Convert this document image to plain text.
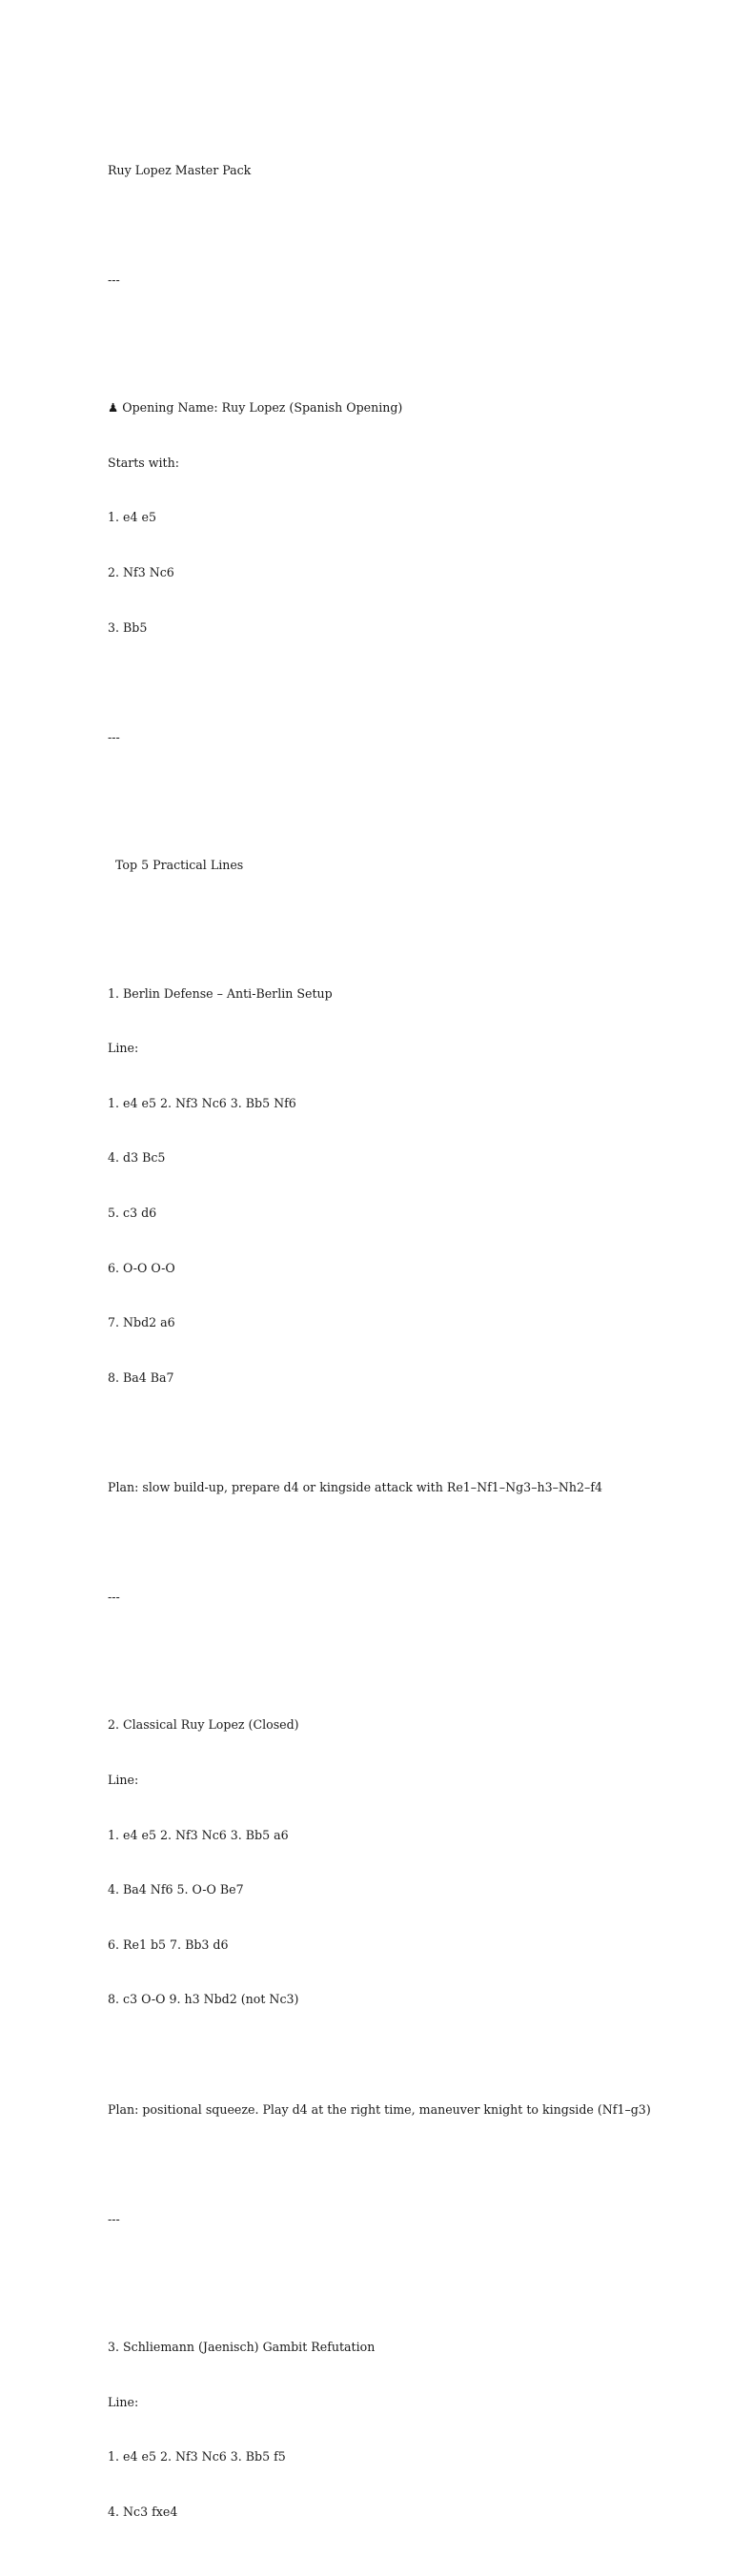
Ruy Lopez Master Pack

---

♟ Opening Name: Ruy Lopez (Spanish Opening)

Starts with:

1. e4 e5

2. Nf3 Nc6

3. Bb5

---

Top 5 Practical Lines

1. Berlin Defense – Anti-Berlin Setup

Line:

1. e4 e5 2. Nf3 Nc6 3. Bb5 Nf6

4. d3 Bc5

5. c3 d6

6. O-O O-O

7. Nbd2 a6

8. Ba4 Ba7

Plan: slow build-up, prepare d4 or kingside attack with Re1–Nf1–Ng3–h3–Nh2–f4

---

2. Classical Ruy Lopez (Closed)

Line:

1. e4 e5 2. Nf3 Nc6 3. Bb5 a6

4. Ba4 Nf6 5. O-O Be7

6. Re1 b5 7. Bb3 d6

8. c3 O-O 9. h3 Nbd2 (not Nc3)

Plan: positional squeeze. Play d4 at the right time, maneuver knight to kingside (Nf1–g3)

---

3. Schliemann (Jaenisch) Gambit Refutation

Line:

1. e4 e5 2. Nf3 Nc6 3. Bb5 f5

4. Nc3 fxe4
